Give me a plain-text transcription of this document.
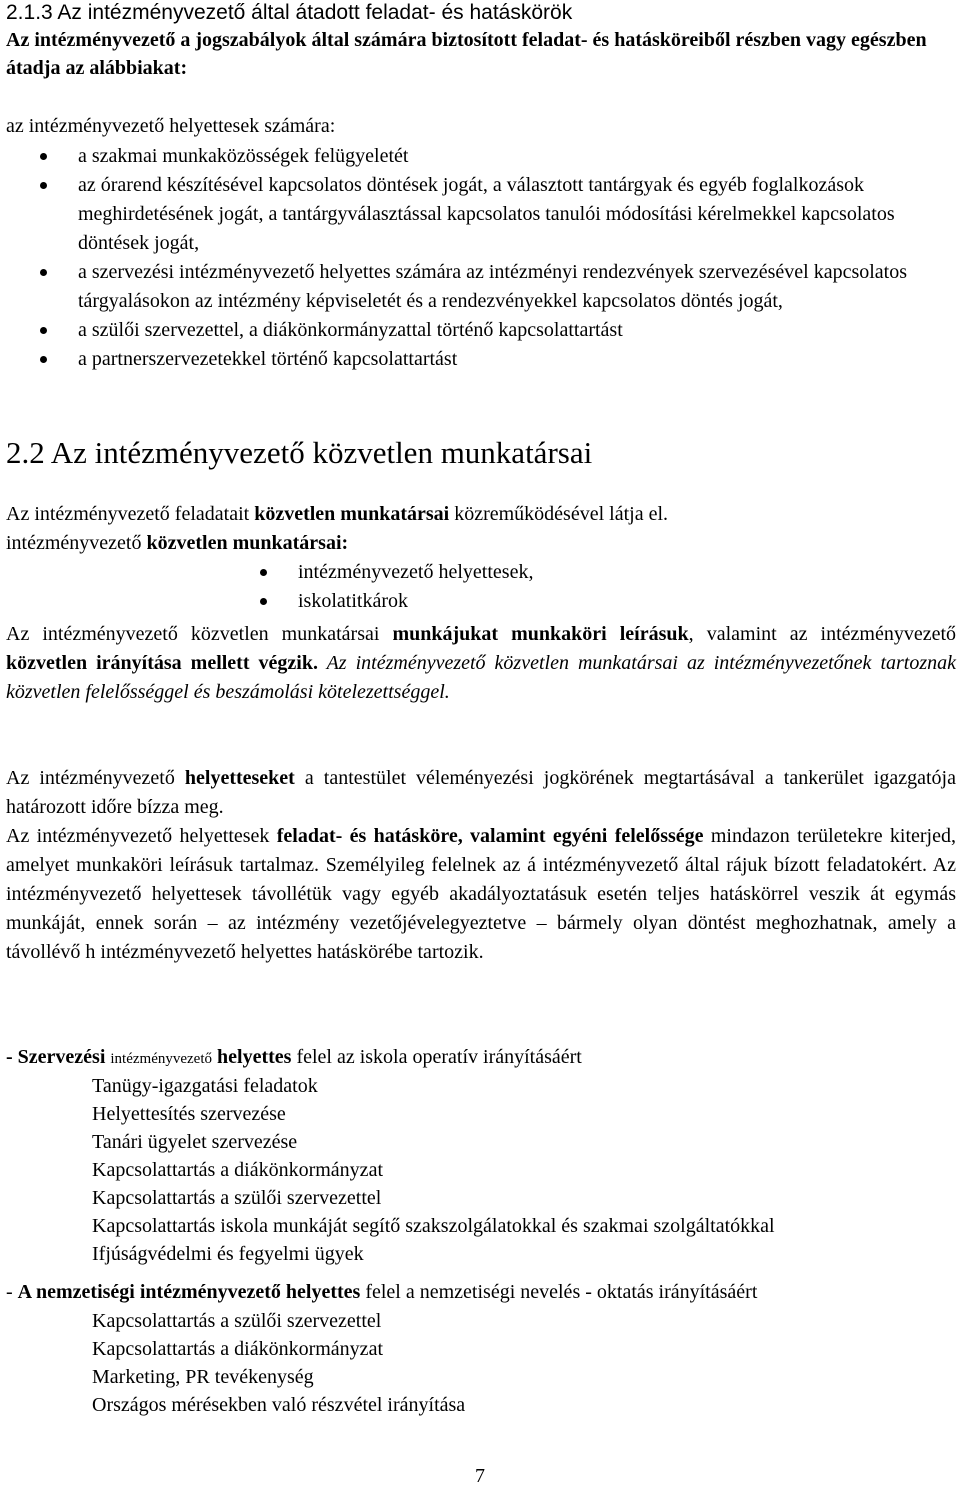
2.1.3 Az intézményvezető által átadott feladat- és hatáskörök
Az intézményvezető a jogszabályok által számára biztosított feladat- és hatásköreiből részben vagy egészben átadja az alábbiakat:
az intézményvezető helyettesek számára:
a szakmai munkaközösségek felügyeletét
az órarend készítésével kapcsolatos döntések jogát, a választott tantárgyak és egyéb foglalkozások meghirdetésének jogát, a tantárgyválasztással kapcsolatos tanulói módosítási kérelmekkel kapcsolatos döntések jogát,
a szervezési intézményvezető helyettes számára az intézményi rendezvények szervezésével kapcsolatos tárgyalásokon az intézmény képviseletét és a rendezvényekkel kapcsolatos döntés jogát,
a szülői szervezettel, a diákönkormányzattal történő kapcsolattartást
a partnerszervezetekkel történő kapcsolattartást
2.2 Az intézményvezető közvetlen munkatársai
Az intézményvezető feladatait közvetlen munkatársai közreműködésével látja el.
intézményvezető közvetlen munkatársai:
intézményvezető helyettesek,
iskolatitkárok
Az intézményvezető közvetlen munkatársai munkájukat munkaköri leírásuk, valamint az intézményvezető közvetlen irányítása mellett végzik. Az intézményvezető közvetlen munkatársai az intézményvezetőnek tartoznak közvetlen felelősséggel és beszámolási kötelezettséggel.
Az intézményvezető helyetteseket a tantestület véleményezési jogkörének megtartásával a tankerület igazgatója határozott időre bízza meg.
Az intézményvezető helyettesek feladat- és hatásköre, valamint egyéni felelőssége mindazon területekre kiterjed, amelyet munkaköri leírásuk tartalmaz. Személyileg felelnek az á intézményvezető által rájuk bízott feladatokért. Az intézményvezető helyettesek távollétük vagy egyéb akadályoztatásuk esetén teljes hatáskörrel veszik át egymás munkáját, ennek során – az intézmény vezetőjévelegyeztetve – bármely olyan döntést meghozhatnak, amely a távollévő h intézményvezető helyettes hatáskörébe tartozik.
- Szervezési intézményvezető helyettes felel az iskola operatív irányításáért
Tanügy-igazgatási feladatok
Helyettesítés szervezése
Tanári ügyelet szervezése
Kapcsolattartás a diákönkormányzat
Kapcsolattartás a szülői szervezettel
Kapcsolattartás iskola munkáját segítő szakszolgálatokkal és szakmai szolgáltatókkal
Ifjúságvédelmi és fegyelmi ügyek
- A nemzetiségi intézményvezető helyettes felel a nemzetiségi nevelés - oktatás irányításáért
Kapcsolattartás a szülői szervezettel
Kapcsolattartás a diákönkormányzat
Marketing, PR tevékenység
Országos mérésekben való részvétel irányítása
7
